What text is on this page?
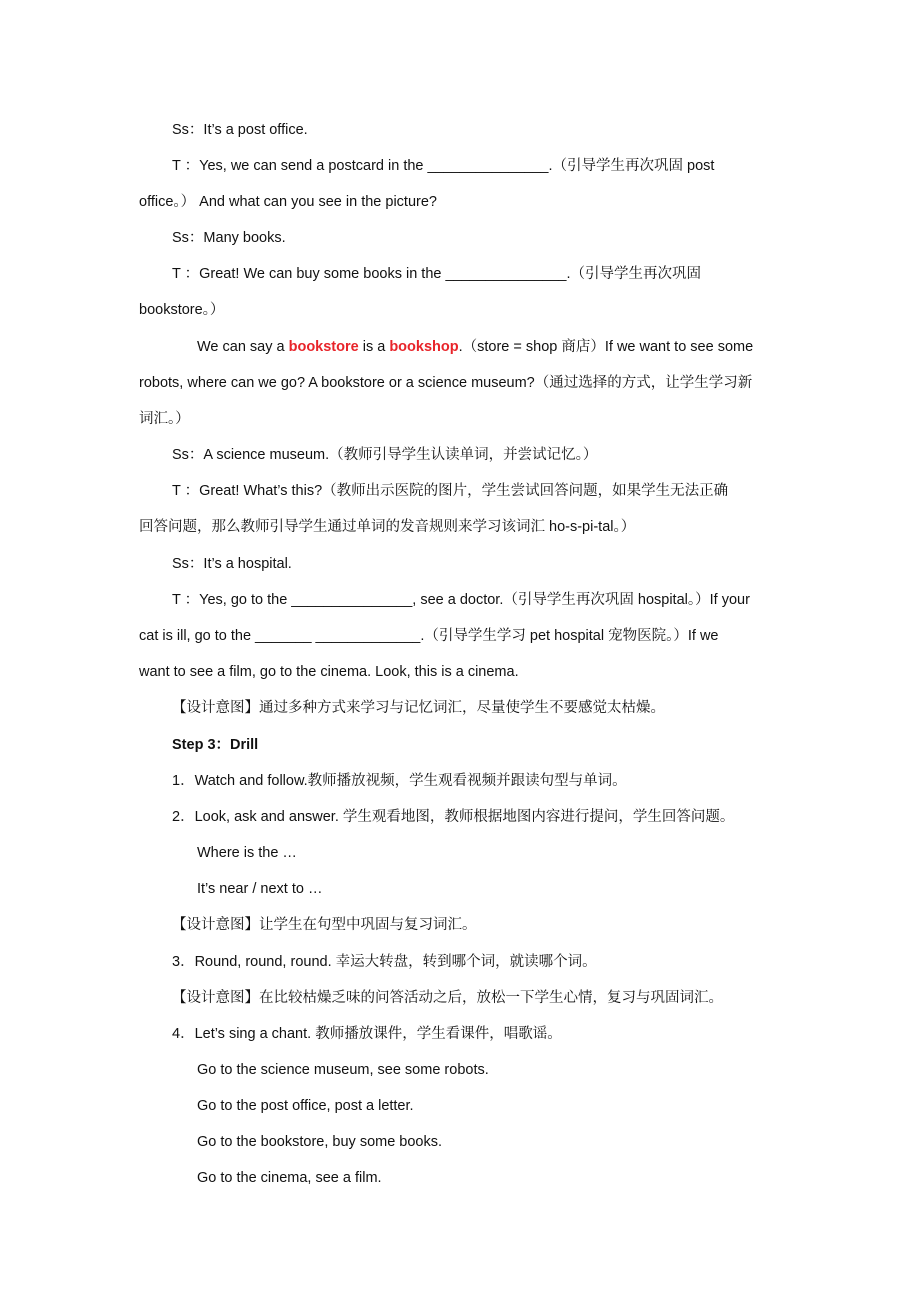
Ss：It’s a post office.
T ：Yes, we can send a postcard in the _______________.（引导学生再次巩固 post
office。） And what can you see in the picture?
Ss：Many books.
T ：Great! We can buy some books in the _______________.（引导学生再次巩固
bookstore。）
We can say a bookstore is a bookshop.（store = shop 商店）If we want to see some
robots, where can we go? A bookstore or a science museum?（通过选择的方式，让学生学习新
词汇。）
Ss：A science museum.（教师引导学生认读单词，并尝试记忆。）
T ：Great! What’s this?（教师出示医院的图片，学生尝试回答问题，如果学生无法正确
回答问题，那么教师引导学生通过单词的发音规则来学习该词汇 ho-s-pi-tal。）
Ss：It’s a hospital.
T ：Yes, go to the _______________, see a doctor.（引导学生再次巩固 hospital。）If your
cat is ill, go to the _______ _____________.（引导学生学习 pet hospital 宠物医院。）If we
want to see a film, go to the cinema. Look, this is a cinema.
【设计意图】通过多种方式来学习与记忆词汇，尽量使学生不要感觉太枯燥。
Step 3：Drill
1．Watch and follow.教师播放视频，学生观看视频并跟读句型与单词。
2．Look, ask and answer. 学生观看地图，教师根据地图内容进行提问，学生回答问题。
Where is the …
It’s near / next to …
【设计意图】让学生在句型中巩固与复习词汇。
3．Round, round, round. 幸运大转盘，转到哪个词，就读哪个词。
【设计意图】在比较枯燥乏味的问答活动之后，放松一下学生心情，复习与巩固词汇。
4．Let’s sing a chant. 教师播放课件，学生看课件，唱歌谣。
Go to the science museum, see some robots.
Go to the post office, post a letter.
Go to the bookstore, buy some books.
Go to the cinema, see a film.
